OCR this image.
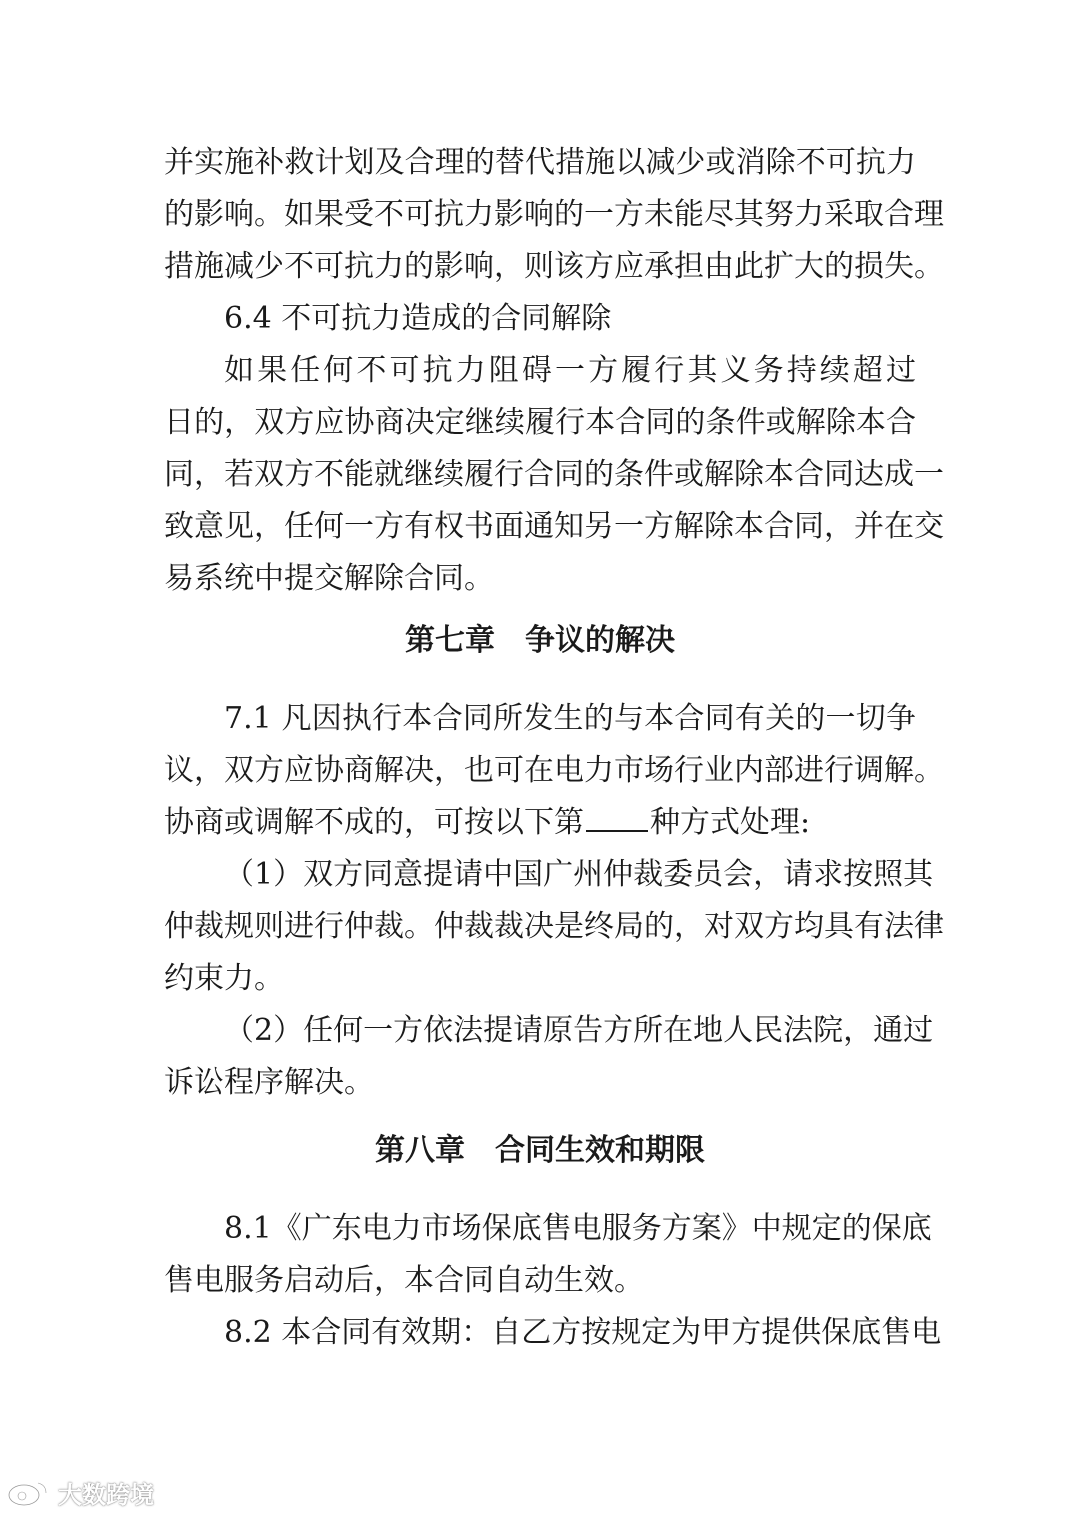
并实施补救计划及合理的替代措施以减少或消除不可抗力
的影响。如果受不可抗力影响的一方未能尽其努力采取合理
措施减少不可抗力的影响，则该方应承担由此扩大的损失。
6.4 不可抗力造成的合同解除
如果任何不可抗力阻碍一方履行其义务持续超过
日的，双方应协商决定继续履行本合同的条件或解除本合
同，若双方不能就继续履行合同的条件或解除本合同达成一
致意见，任何一方有权书面通知另一方解除本合同，并在交
易系统中提交解除合同。
第七章　争议的解决
7.1 凡因执行本合同所发生的与本合同有关的一切争
议，双方应协商解决，也可在电力市场行业内部进行调解。
协商或调解不成的，可按以下第 种方式处理:
（1）双方同意提请中国广州仲裁委员会，请求按照其
仲裁规则进行仲裁。仲裁裁决是终局的，对双方均具有法律
约束力。
（2）任何一方依法提请原告方所在地人民法院，通过
诉讼程序解决。
第八章　合同生效和期限
8.1《广东电力市场保底售电服务方案》中规定的保底
售电服务启动后，本合同自动生效。
8.2 本合同有效期：自乙方按规定为甲方提供保底售电
大数跨境
